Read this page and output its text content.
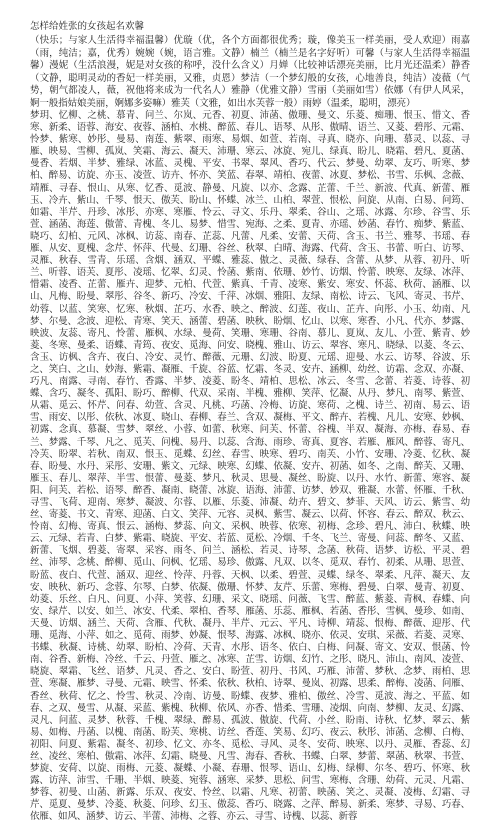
怎样给姓张的女孩起名欢馨

（快乐；与家人生活得幸福温馨）优璇（优，各个方面都很优秀；璇，像美玉一样美丽，受人欢迎）雨嘉（雨，纯洁；嘉，优秀）婉婉（婉，语言雅。文静）楠兰（楠兰是名字好听）可馨（与家人生活得幸福温馨）漫妮（生活浪漫，妮是对女孩的称呼，没什么含义）月婵（比较神话漂亮美丽，比月光还温柔）静香（文静，聪明灵动的香妃一样美丽，又雅，贞恩）梦洁（一个梦幻般的女孩，心地善良，纯洁）凌薇（气势，朝气都凌人，薇，祝他将来成为一代名人）雅静（优雅文静）雪丽（美丽如雪）依娜（有伊人风采，婀一般指姑娘美丽，婀娜多姿嘛）雅芙（文雅，如出水芙蓉一般）雨婷（温柔，聪明，漂亮）

梦玥、忆柳、之桃、慕青、问兰、尔岚、元香、初夏、沛菡、傲珊、曼文、乐菱、痴珊、恨玉、惜文、香寒、新柔、语蓉、海安、夜蓉、涵柏、水桃、醉蓝、春儿、语琴、从彤、傲晴、语兰、又菱、碧彤、元霜、怜梦、紫寒、妙彤、曼易、南莲、紫翠、雨寒、易烟、如萱、若南、寻真、晓亦、向珊、慕灵、以蕊、寻雁、映易、雪柳、孤岚、笑霜、海云、凝天、沛珊、寒云、冰旋、宛儿、绿真、盼儿、晓霜、碧凡、夏菡、曼香、若烟、半梦、雅绿、冰蓝、灵槐、平安、书翠、翠风、香巧、代云、梦曼、幼翠、友巧、听寒、梦柏、醉易、访旋、亦玉、凌萱、访卉、怀亦、笑蓝、春翠、靖柏、夜蕾、冰夏、梦松、书雪、乐枫、念薇、靖雁、寻春、恨山、从寒、忆香、觅波、静曼、凡旋、以亦、念露、芷蕾、千兰、新波、代真、新蕾、雁玉、冷卉、紫山、千琴、恨天、傲芙、盼山、怀蝶、冰兰、山柏、翠萱、恨松、问旋、从南、白易、问筠、如霜、半芹、丹珍、冰彤、亦寒、寒雁、怜云、寻文、乐丹、翠柔、谷山、之瑶、冰露、尔珍、谷雪、乐萱、涵菡、海莲、傲蕾、青槐、冬儿、易梦、惜雪、宛海、之柔、夏青、亦瑶、妙菡、春竹、痴梦、紫蓝、晓巧、幻柏、元风、冰枫、访蕊、南春、芷蕊、凡蕾、凡柔、安蕾、天荷、含玉、书兰、雅琴、书瑶、春雁、从安、夏槐、念芹、怀萍、代曼、幻珊、谷丝、秋翠、白晴、海露、代荷、含玉、书蕾、听白、访琴、灵雁、秋春、雪青、乐瑶、含烟、涵双、平蝶、雅蕊、傲之、灵薇、绿春、含蕾、从梦、从蓉、初丹、听兰、听蓉、语芙、夏彤、凌瑶、忆翠、幻灵、怜菡、紫南、依珊、妙竹、访烟、怜蕾、映寒、友绿、冰萍、惜霜、凌香、芷蕾、雁卉、迎梦、元柏、代萱、紫真、千青、凌寒、紫安、寒安、怀蕊、秋荷、涵雁、以山、凡梅、盼曼、翠彤、谷冬、新巧、冷安、千萍、冰烟、雅阳、友绿、南松、诗云、飞风、寄灵、书芹、幼蓉、以蓝、笑寒、忆寒、秋烟、芷巧、水香、映之、醉波、幻莲、夜山、芷卉、向彤、小玉、幼南、凡梦、尔曼、念波、迎松、青寒、笑天、涵蕾、碧菡、映秋、盼烟、忆山、以寒、寒香、小凡、代亦、梦露、映波、友蕊、寄凡、怜蕾、雁枫、水绿、曼荷、笑珊、寒珊、谷南、慕儿、夏岚、友儿、小萱、紫青、妙菱、冬寒、曼柔、语蝶、青筠、夜安、觅海、问安、晓槐、雅山、访云、翠容、寒凡、晓绿、以菱、冬云、含玉、访枫、含卉、夜白、冷安、灵竹、醉薇、元珊、幻波、盼夏、元瑶、迎曼、水云、访琴、谷波、乐之、笑白、之山、妙海、紫霜、凝雁、千旋、谷蓝、忆霜、冬灵、安卉、涵柳、幼丝、访霜、念双、亦凝、巧凡、南露、寻南、春竹、香露、半梦、凌菱、盼冬、靖柏、思松、冰云、冬雪、念蕾、若菱、诗蓉、初蝶、含巧、凝冬、孤阳、盼巧、醉柳、代双、采南、半槐、雅柳、笑萍、忆凝、从丹、梦凡、南琴、紫萱、从霜、觅云、怀芹、问春、幼萱、含灵、凡桃、巧菡、冷梅、访旋、寒荷、之槐、诗兰、初南、易云、语雪、雨安、以彤、依秋、冰夏、晓山、春柳、春兰、含双、凝梅、平文、醉卉、若槐、凡儿、安寒、妙枫、初露、念真、慕凝、雪梦、翠丝、小蓉、如蕾、秋寒、问芙、怀蕾、谷槐、半双、凝海、亦梅、春易、春兰、梦露、千琴、凡之、觅芙、问槐、易丹、以蕊、含海、雨珍、寄真、夏容、若雁、雁风、醉蓉、寄凡、冷芙、盼翠、若秋、南双、恨玉、觅蝶、幻丝、春雪、映寒、碧巧、南芙、小竹、安珊、冷菱、忆秋、凝春、盼曼、水丹、采彤、安珊、紫文、元绿、映寒、幻蝶、依凝、安卉、初菡、如冬、之南、醉芙、又珊、雁玉、春儿、翠萍、半雪、恨蕾、曼菱、梦凡、秋灵、思曼、凝丝、盼旋、以丹、水竹、新蕾、寒容、凝阳、问芙、若松、语琴、醉香、凝南、晓蕾、冰旋、语海、沛蕾、访梦、妙双、雅凝、水蕾、怀雁、千秋、寻雪、飞荷、迎南、寒梦、凝波、尔蓉、以雁、乐菱、沛凝、幼卉、碧文、梦菲、天风、访云、紫雪、幼丝、寄菱、书文、青寒、迎菡、白文、笑萍、元容、灵枫、紫雪、凝云、以荷、怀容、春云、醉双、秋云、怜南、幻梅、寄真、恨云、涵梅、梦蕊、向文、采枫、映蓉、依寒、初梅、念珍、碧凡、沛白、秋蝶、映云、元绿、若青、白梦、紫霜、晓旋、平安、若蓝、觅松、冷烟、千冬、飞兰、寄曼、问蕊、醉冬、又蓝、新蕾、飞烟、碧菱、寄翠、采容、雨冬、问兰、涵松、若灵、诗琴、念菡、秋荷、语梦、访松、平灵、碧丝、沛琴、念桃、醉柳、觅山、问枫、忆瑶、易珍、傲露、凡双、以冬、觅双、春竹、初柔、从珊、思萱、盼蓝、夜白、代萱、涵双、迎丝、怜萍、丹蓉、天枫、以柔、碧萱、灵蝶、绿冬、翠柔、凡萍、凝天、友安、映秋、新巧、念蓉、尔琴、白梦、依凝、傲珊、怀梦、友芹、乐蕾、寒梅、碧曼、白翠、曼青、初夏、幼菱、乐丝、白凡、问夏、小萍、笑蓉、幻珊、采文、晓瑶、问薇、飞雪、醉蓝、紫菱、青枫、春蝶、向安、绿芹、以安、如兰、冰安、代柔、翠柏、香琴、雁菡、乐蕊、雁枫、若菡、香彤、雪枫、曼珍、如南、天曼、访烟、涵兰、天荷、含雁、代秋、凝丹、半芹、元云、平凡、诗柳、靖蕊、恨梅、醉薇、迎彤、代珊、觅海、小萍、如之、觅荷、雨梦、妙凝、恨琴、海露、冰枫、晓亦、依灵、安琪、采薇、若菱、灵寒、书蝶、秋凝、诗桃、幼翠、盼柏、冷荷、天青、水彤、语冬、依白、白梅、问凝、寄文、安双、恨菡、怜南、谷香、新梅、冷丝、千云、丹萱、雁之、冰寒、芷雪、访烟、幻竹、之彤、晓凡、沛山、南风、凌萱、晓旋、翠霜、飞丝、语梦、凡灵、香之、安白、盼萱、初丹、书风、巧雁、沛蕾、梦秋、念梦、雨柏、思萱、寒凝、雁梦、寻曼、元霜、映雪、怀柔、依秋、秋柏、诗翠、曼岚、初露、思柔、醉梅、凌菡、问雁、香丝、秋荷、忆之、怜雪、秋灵、冷南、访曼、盼蝶、夜梦、雅柏、傲丝、冷雪、觅波、海之、平蓝、如春、之双、曼雪、从凝、采蓝、紫槐、秋柳、依风、亦香、惜柔、雪珊、凌烟、向南、梦柳、友灵、幻露、灵凡、问蓝、灵梦、秋蓉、千槐、翠绿、醉易、孤波、傲旋、代荷、小丝、盼南、诗秋、忆梦、翠云、紫易、如梅、丹菡、以槐、南菡、盼芙、寒桃、访丝、香莲、笑易、幻巧、夜云、秋彤、沛菡、念柳、白梅、初阳、问夏、紫霜、凝冬、初珍、忆文、亦冬、觅松、寻风、灵冬、安荷、映寒、以丹、灵雁、香蕊、幻丝、凌丝、寒柏、傲霜、冰萍、幻霜、晓曼、凡雪、海春、香秋、书蝶、白翠、梦蕾、翠菡、秋翠、书萱、梦旋、安荷、以旋、雨梅、元菱、凝蝶、小凝、春珊、恨琴、语山、幻梅、绿柳、尔冬、碧巧、怀寒、秋露、访萍、沛雪、千珊、半烟、映菱、宛蓉、涵寒、采梦、思松、问雪、寒梅、含珊、幼荷、元灵、凡霜、梦蓉、初曼、山菡、新露、乐双、夜安、怜丝、以霜、凡寒、初蕾、映菡、笑之、灵凝、凌梅、幻霜、寻芹、觅夏、曼梦、冷菱、秋菱、问珍、幻玉、傲蕊、香巧、晓露、之萍、醉易、新柔、寒梦、寻易、巧春、依雁、如风、涵梦、访云、半蕾、沛梅、之蓉、亦云、寻雪、诗槐、以蕊、新蓉
